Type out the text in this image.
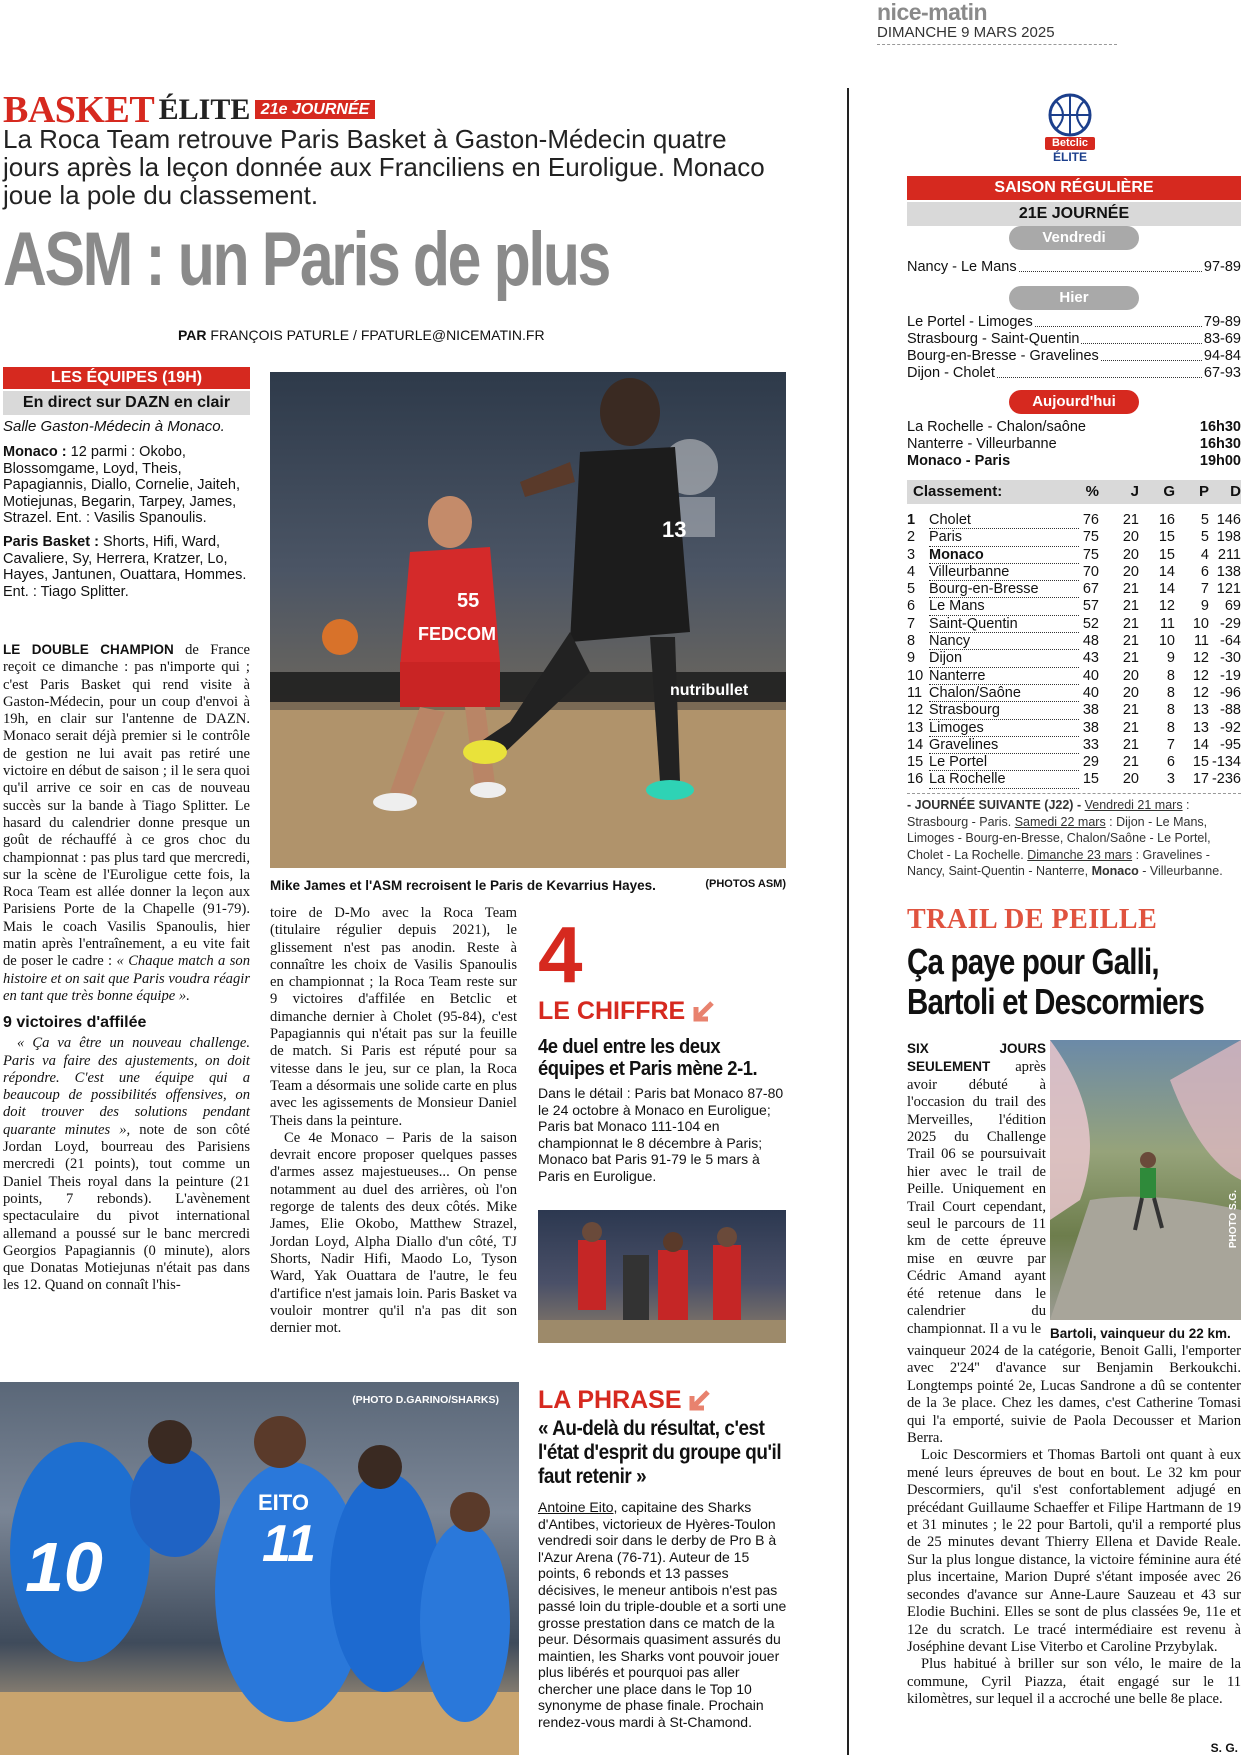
nice-matin
DIMANCHE 9 MARS 2025
BASKET ÉLITE 21e JOURNÉE
La Roca Team retrouve Paris Basket à Gaston-Médecin quatre jours après la leçon donnée aux Franciliens en Euroligue. Monaco joue la pole du classement.
ASM : un Paris de plus
PAR FRANÇOIS PATURLE / FPATURLE@NICEMATIN.FR
LES ÉQUIPES (19H)
En direct sur DAZN en clair
Salle Gaston-Médecin à Monaco.
Monaco : 12 parmi : Okobo, Blossomgame, Loyd, Theis, Papagiannis, Diallo, Cornelie, Jaiteh, Motiejunas, Begarin, Tarpey, James, Strazel. Ent. : Vasilis Spanoulis.
Paris Basket : Shorts, Hifi, Ward, Cavaliere, Sy, Herrera, Kratzer, Lo, Hayes, Jantunen, Ouattara, Hommes. Ent. : Tiago Splitter.	55
FEDCOM
13
nutribullet
Mike James et l'ASM recroisent le Paris de Kevarrius Hayes.	(PHOTOS ASM)

LE DOUBLE CHAMPION de France reçoit ce dimanche : pas n'importe qui ; c'est Paris Basket qui rend visite à Gaston-Médecin, pour un coup d'envoi à 19h, en clair sur l'antenne de DAZN. Monaco serait déjà premier si le contrôle de gestion ne lui avait pas retiré une victoire en début de saison ; il le sera quoi qu'il arrive ce soir en cas de nouveau succès sur la bande à Tiago Splitter. Le hasard du calendrier donne presque un goût de réchauffé à ce gros choc du championnat : pas plus tard que mercredi, sur la scène de l'Euroligue cette fois, la Roca Team est allée donner la leçon aux Parisiens Porte de la Chapelle (91-79). Mais le coach Vasilis Spanoulis, hier matin après l'entraînement, a eu vite fait de poser le cadre : « Chaque match a son histoire et on sait que Paris voudra réagir en tant que très bonne équipe ».

9 victoires d'affilée

« Ça va être un nouveau challenge. Paris va faire des ajustements, on doit répondre. C'est une équipe qui a beaucoup de possibilités offensives, on doit trouver des solutions pendant quarante minutes », note de son côté Jordan Loyd, bourreau des Parisiens mercredi (21 points), tout comme un Daniel Theis royal dans la peinture (21 points, 7 rebonds). L'avènement spectaculaire du pivot international allemand a poussé sur le banc mercredi Georgios Papagiannis (0 minute), alors que Donatas Motiejunas n'était pas dans les 12. Quand on connaît l'his-

toire de D-Mo avec la Roca Team (titulaire régulier depuis 2021), le glissement n'est pas anodin. Reste à connaître les choix de Vasilis Spanoulis en championnat ; la Roca Team reste sur 9 victoires d'affilée en Betclic et dimanche dernier à Cholet (95-84), c'est Papagiannis qui n'était pas sur la feuille de match. Si Paris est réputé pour sa vitesse dans le jeu, sur ce plan, la Roca Team a désormais une solide carte en plus avec les agissements de Monsieur Daniel Theis dans la peinture.

Ce 4e Monaco – Paris de la saison devrait encore proposer quelques passes d'armes assez majestueuses... On pense notamment au duel des arrières, où l'on regorge de talents des deux côtés. Mike James, Elie Okobo, Matthew Strazel, Jordan Loyd, Alpha Diallo d'un côté, TJ Shorts, Nadir Hifi, Maodo Lo, Tyson Ward, Yak Ouattara de l'autre, le feu d'artifice n'est jamais loin. Paris Basket va vouloir montrer qu'il n'a pas dit son dernier mot.

4
LE CHIFFRE
4e duel entre les deux équipes et Paris mène 2-1.
Dans le détail : Paris bat Monaco 87-80 le 24 octobre à Monaco en Euroligue; Paris bat Monaco 111-104 en championnat le 8 décembre à Paris; Monaco bat Paris 91-79 le 5 mars à Paris en Euroligue.
(PHOTO D.GARINO/SHARKS)
10
EITO
11
LA PHRASE
« Au-delà du résultat, c'est l'état d'esprit du groupe qu'il faut retenir »
Antoine Eito, capitaine des Sharks d'Antibes, victorieux de Hyères-Toulon vendredi soir dans le derby de Pro B à l'Azur Arena (76-71). Auteur de 15 points, 6 rebonds et 13 passes décisives, le meneur antibois n'est pas passé loin du triple-double et a sorti une grosse prestation dans ce match de la peur. Désormais quasiment assurés du maintien, les Sharks vont pouvoir jouer plus libérés et pourquoi pas aller chercher une place dans le Top 10 synonyme de phase finale. Prochain rendez-vous mardi à St-Chamond.
Betclic
ÉLITE
SAISON RÉGULIÈRE
21E JOURNÉE
Vendredi
Nancy - Le Mans	97-89
Hier
Le Portel - Limoges	79-89
Strasbourg - Saint-Quentin	83-69
Bourg-en-Bresse - Gravelines	94-84
Dijon - Cholet	67-93
Aujourd'hui
La Rochelle - Chalon/saône	16h30
Nanterre - Villeurbanne	16h30
Monaco - Paris	19h00
Classement:	%	J	G	P	D
1	Cholet	76	21	16	5	146
2	Paris	75	20	15	5	198
3	Monaco	75	20	15	4	211
4	Villeurbanne	70	20	14	6	138
5	Bourg-en-Bresse	67	21	14	7	121
6	Le Mans	57	21	12	9	69
7	Saint-Quentin	52	21	11	10	-29
8	Nancy	48	21	10	11	-64
9	Dijon	43	21	9	12	-30
10	Nanterre	40	20	8	12	-19
11	Chalon/Saône	40	20	8	12	-96
12	Strasbourg	38	21	8	13	-88
13	Limoges	38	21	8	13	-92
14	Gravelines	33	21	7	14	-95
15	Le Portel	29	21	6	15	-134
16	La Rochelle	15	20	3	17	-236
- JOURNÉE SUIVANTE (J22) - Vendredi 21 mars : Strasbourg - Paris. Samedi 22 mars : Dijon - Le Mans, Limoges - Bourg-en-Bresse, Chalon/Saône - Le Portel, Cholet - La Rochelle. Dimanche 23 mars : Gravelines - Nancy, Saint-Quentin - Nanterre, Monaco - Villeurbanne.
TRAIL DE PEILLE
Ça paye pour Galli, Bartoli et Descormiers

SIX JOURS SEULEMENT après avoir débuté à l'occasion du trail des Merveilles, l'édition 2025 du Challenge Trail 06 se poursuivait hier avec le trail de Peille. Uniquement en Trail Court cependant, seul le parcours de 11 km de cette épreuve mise en œuvre par Cédric Amand ayant été retenue dans le calendrier du championnat. Il a vu le

PHOTO S.G.
Bartoli, vainqueur du 22 km.

vainqueur 2024 de la catégorie, Benoit Galli, l'emporter avec 2'24'' d'avance sur Benjamin Berkoukchi. Longtemps pointé 2e, Lucas Sandrone a dû se contenter de la 3e place. Chez les dames, c'est Catherine Tomasi qui l'a emporté, suivie de Paola Decousser et Marion Berra.

Loic Descormiers et Thomas Bartoli ont quant à eux mené leurs épreuves de bout en bout. Le 32 km pour Descormiers, qu'il s'est confortablement adjugé en précédant Guillaume Schaeffer et Filipe Hartmann de 19 et 31 minutes ; le 22 pour Bartoli, qu'il a remporté plus de 25 minutes devant Thierry Ellena et Davide Reale. Sur la plus longue distance, la victoire féminine aura été plus incertaine, Marion Dupré s'étant imposée avec 26 secondes d'avance sur Anne-Laure Sauzeau et 43 sur Elodie Buchini. Elles se sont de plus classées 9e, 11e et 12e du scratch. Le tracé intermédiaire est revenu à Joséphine devant Lise Viterbo et Caroline Przybylak.

Plus habitué à briller sur son vélo, le maire de la commune, Cyril Piazza, était engagé sur le 11 kilomètres, sur lequel il a accroché une belle 8e place.

S. G.
